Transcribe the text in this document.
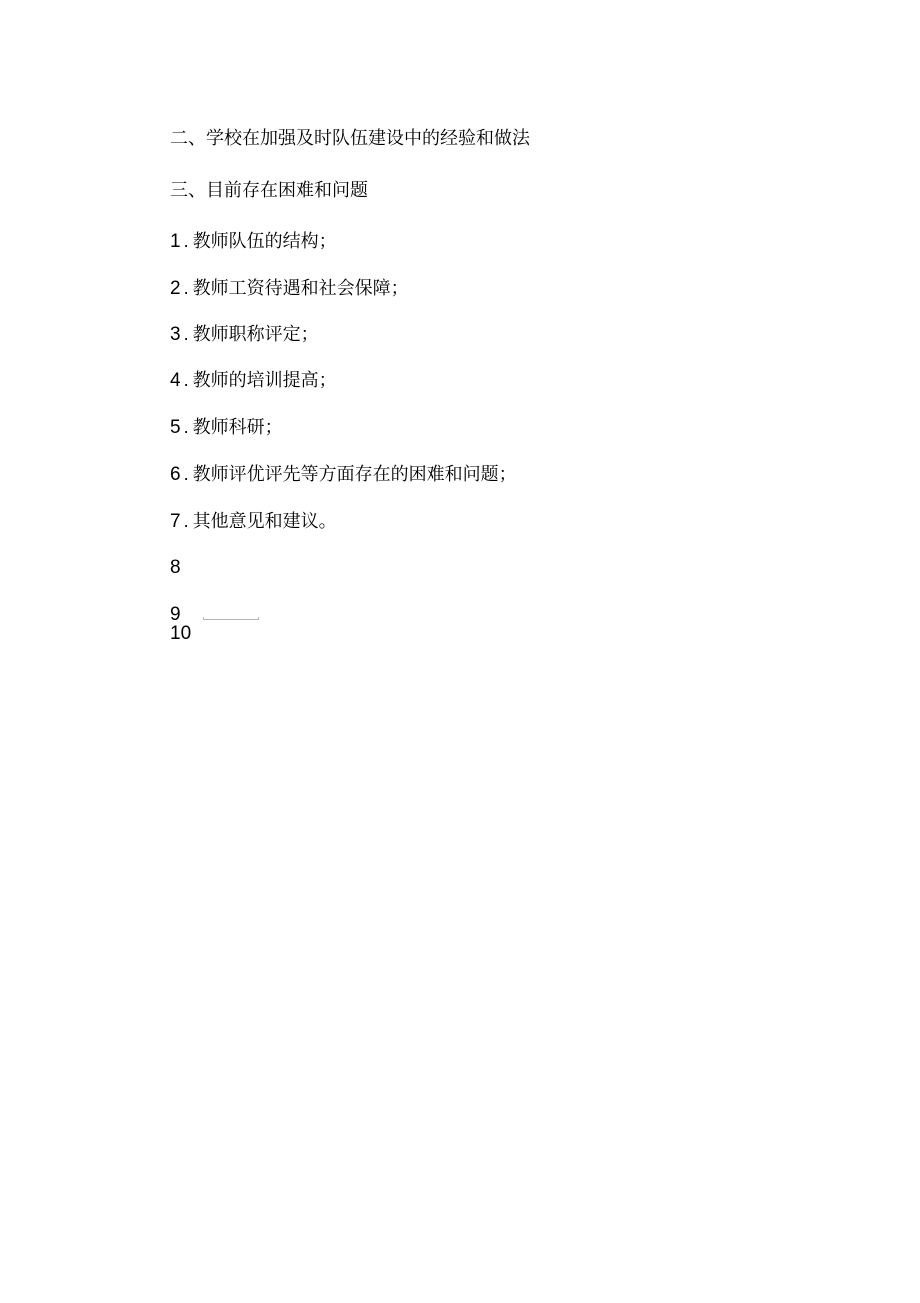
二、学校在加强及时队伍建设中的经验和做法
三、目前存在困难和问题
1 . 教师队伍的结构；
2 . 教师工资待遇和社会保障；
3 . 教师职称评定；
4 . 教师的培训提高；
5 . 教师科研；
6 . 教师评优评先等方面存在的困难和问题；
7 . 其他意见和建议。
8
9
10
